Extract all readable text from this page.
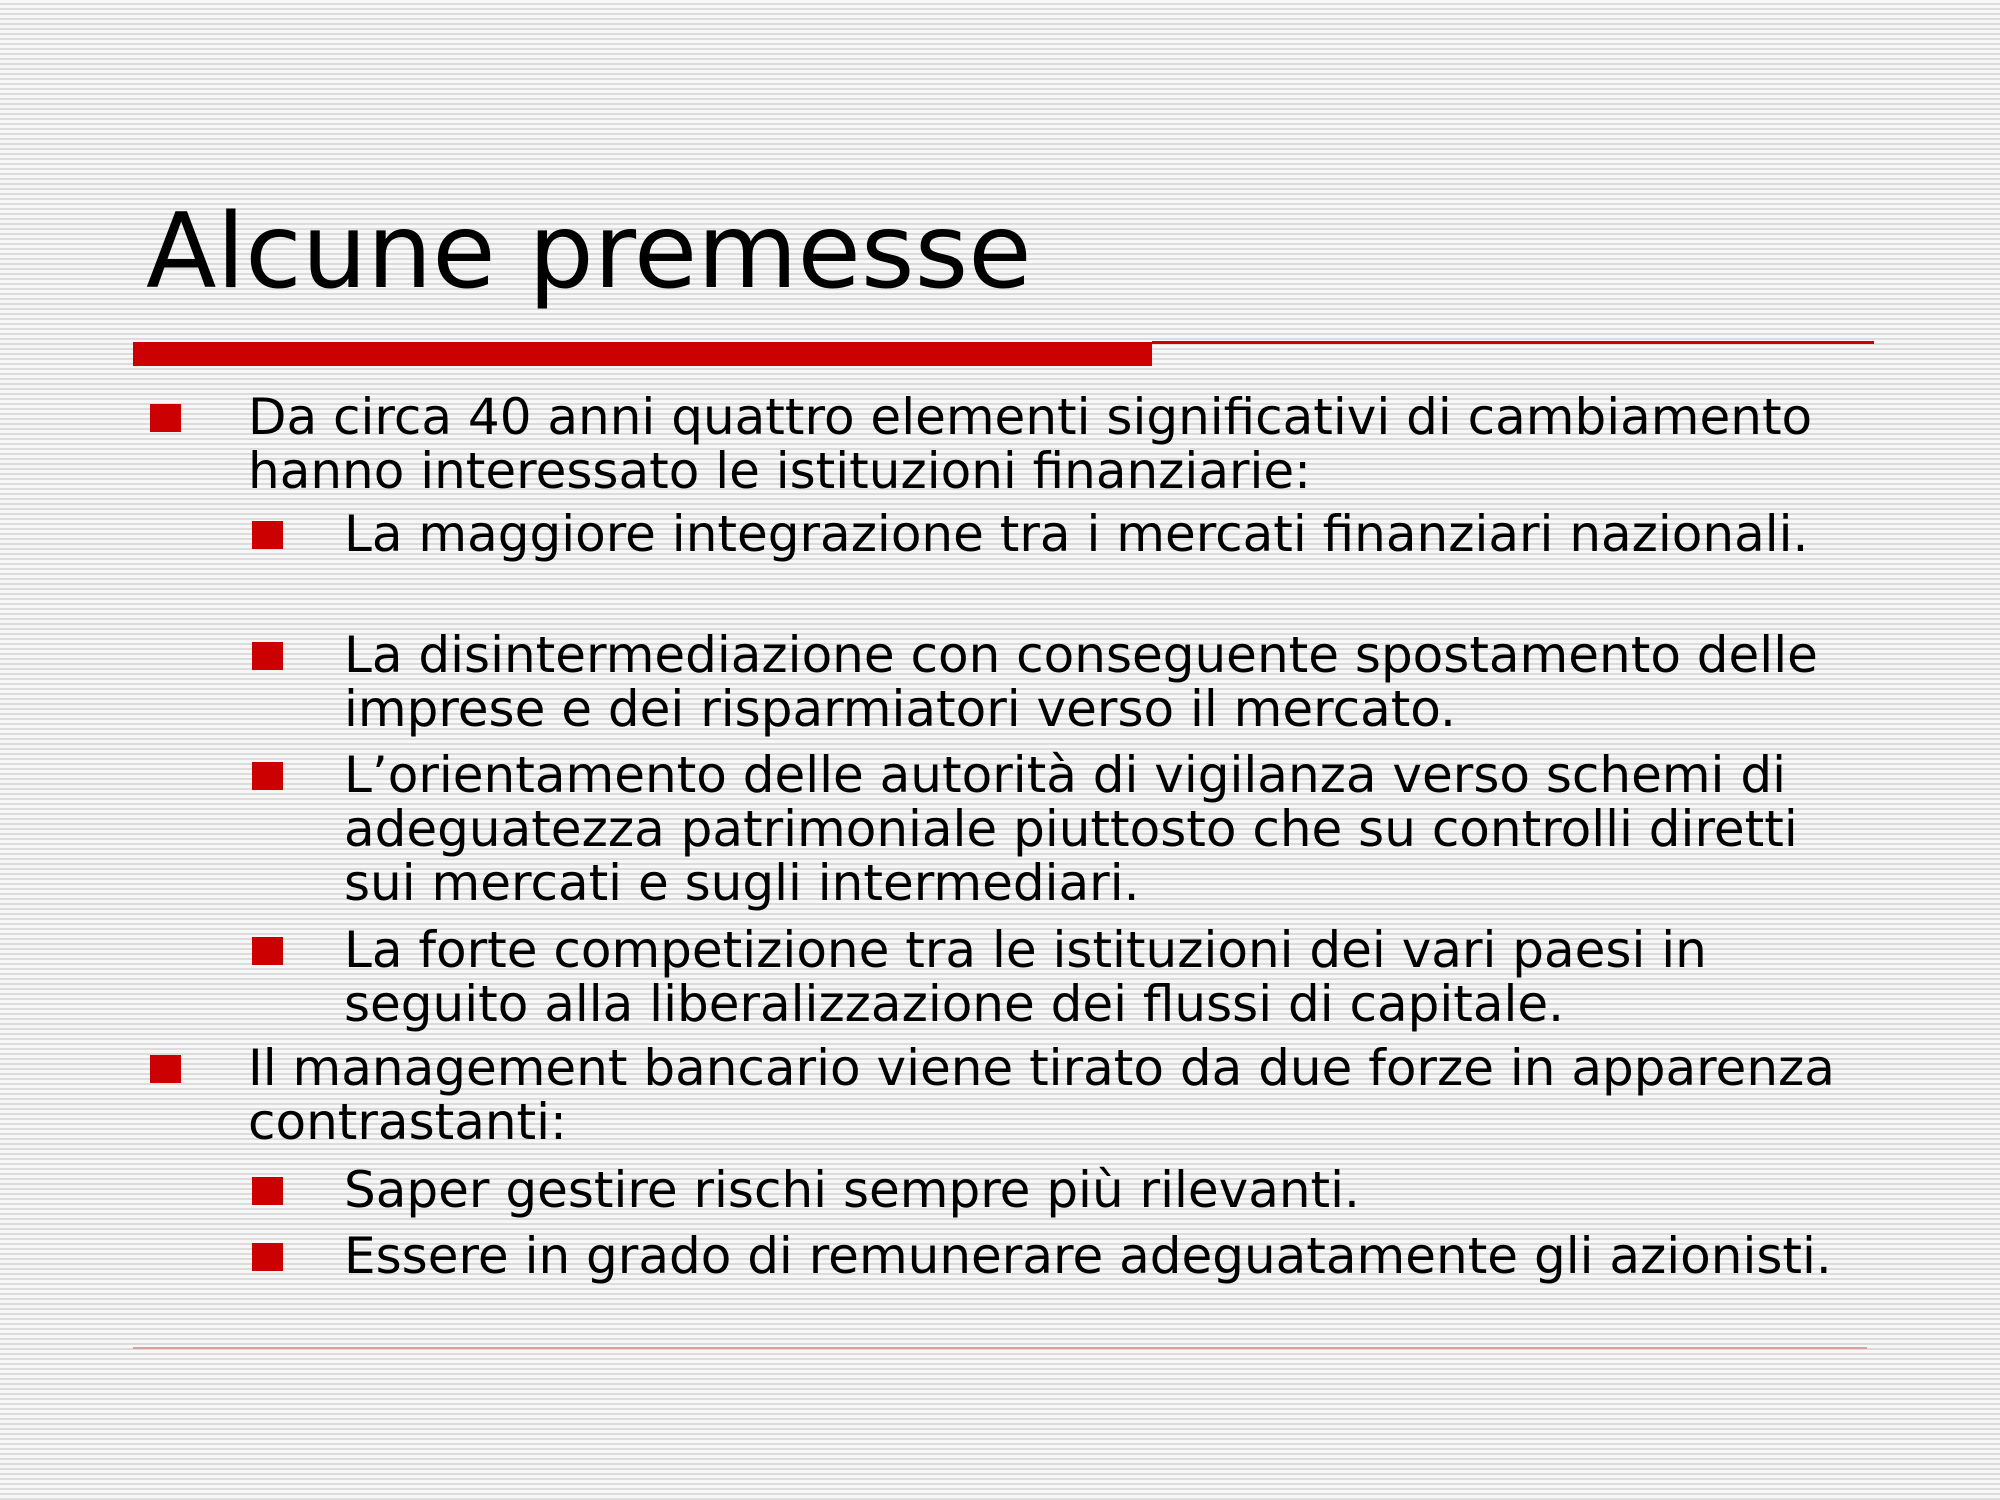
Alcune premesse
Da circa 40 anni quattro elementi significativi di cambiamento hanno interessato le istituzioni finanziarie:
La maggiore integrazione tra i mercati finanziari nazionali.
La disintermediazione con conseguente spostamento delle imprese e dei risparmiatori verso il mercato.
L’orientamento delle autorità di vigilanza verso schemi di adeguatezza patrimoniale piuttosto che su controlli diretti sui mercati e sugli intermediari.
La forte competizione tra le istituzioni dei vari paesi in seguito alla liberalizzazione dei flussi di capitale.
Il management bancario viene tirato da due forze in apparenza contrastanti:
Saper gestire rischi sempre più rilevanti.
Essere in grado di remunerare adeguatamente gli azionisti.
